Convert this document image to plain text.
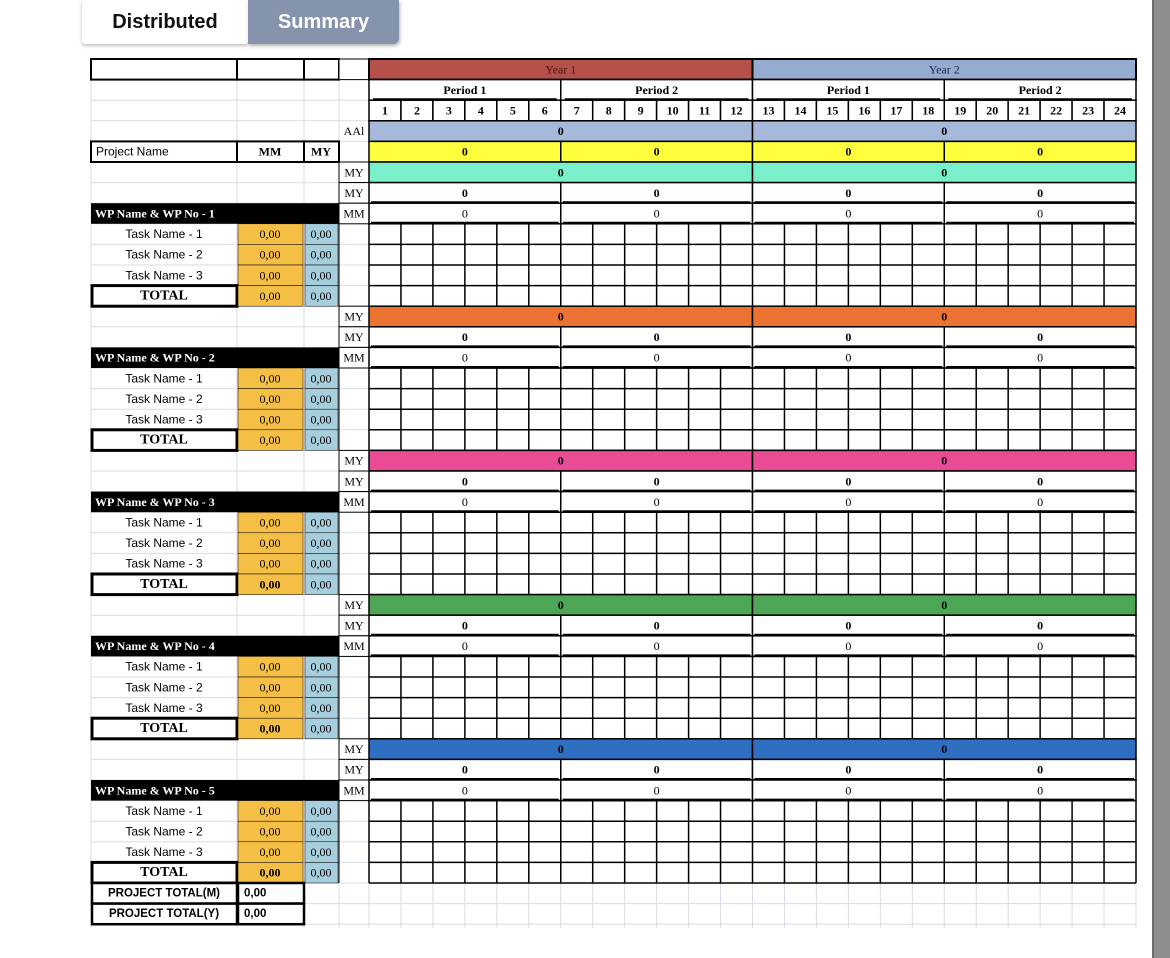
Distributed	Summary
Year 1	Year 2
Period 1	Period 2	Period 1	Period 2
1 2 3 4 5 6 7 8 9 10 11 12 13 14 15 16 17 18 19 20 21 22 23 24
AAl	0	0
Project Name	MM MY	0	0	0	0
MY	0	0
MY	0	0	0	0
WP Name & WP No - 1	MM	0	0	0	0
Task Name - 1	0,00	0,00
Task Name - 2	0,00	0,00
Task Name - 3	0,00	0,00
TOTAL	0,00	0,00
MY	0	0
MY	0	0	0	0
WP Name & WP No - 2	MM	0	0	0	0
Task Name - 1	0,00	0,00
Task Name - 2	0,00	0,00
Task Name - 3	0,00	0,00
TOTAL	0,00	0,00
MY	0	0
MY	0	0	0	0
WP Name & WP No - 3	MM	0	0	0	0
Task Name - 1	0,00	0,00
Task Name - 2	0,00	0,00
Task Name - 3	0,00	0,00
TOTAL	0,00	0,00
MY	0	0
MY	0	0	0	0
WP Name & WP No - 4	MM	0	0	0	0
Task Name - 1	0,00	0,00
Task Name - 2	0,00	0,00
Task Name - 3	0,00	0,00
TOTAL	0,00	0,00
MY	0	0
MY	0	0	0	0
WP Name & WP No - 5	MM	0	0	0	0
Task Name - 1	0,00	0,00
Task Name - 2	0,00	0,00
Task Name - 3	0,00	0,00
TOTAL	0,00	0,00
PROJECT TOTAL(M) 0,00
PROJECT TOTAL(Y) 0,00
